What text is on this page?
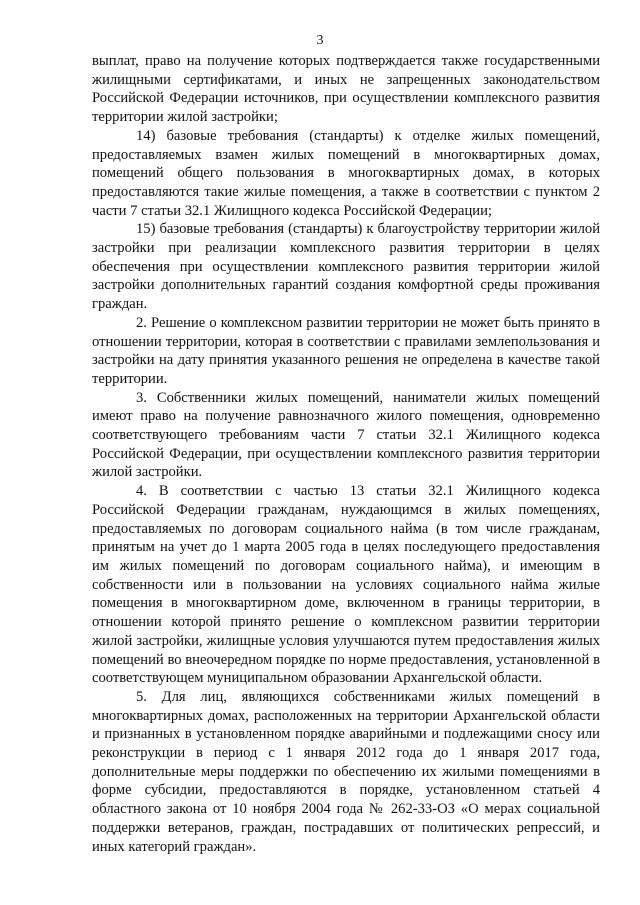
3

выплат, право на получение которых подтверждается также государственными жилищными сертификатами, и иных не запрещенных законодательством Российской Федерации источников, при осуществлении комплексного развития территории жилой застройки;

14) базовые требования (стандарты) к отделке жилых помещений, предоставляемых взамен жилых помещений в многоквартирных домах, помещений общего пользования в многоквартирных домах, в которых предоставляются такие жилые помещения, а также в соответствии с пунктом 2 части 7 статьи 32.1 Жилищного кодекса Российской Федерации;

15) базовые требования (стандарты) к благоустройству территории жилой застройки при реализации комплексного развития территории в целях обеспечения при осуществлении комплексного развития территории жилой застройки дополнительных гарантий создания комфортной среды проживания граждан.

2. Решение о комплексном развитии территории не может быть принято в отношении территории, которая в соответствии с правилами землепользования и застройки на дату принятия указанного решения не определена в качестве такой территории.

3. Собственники жилых помещений, наниматели жилых помещений имеют право на получение равнозначного жилого помещения, одновременно соответствующего требованиям части 7 статьи 32.1 Жилищного кодекса Российской Федерации, при осуществлении комплексного развития территории жилой застройки.

4. В соответствии с частью 13 статьи 32.1 Жилищного кодекса Российской Федерации гражданам, нуждающимся в жилых помещениях, предоставляемых по договорам социального найма (в том числе гражданам, принятым на учет до 1 марта 2005 года в целях последующего предоставления им жилых помещений по договорам социального найма), и имеющим в собственности или в пользовании на условиях социального найма жилые помещения в многоквартирном доме, включенном в границы территории, в отношении которой принято решение о комплексном развитии территории жилой застройки, жилищные условия улучшаются путем предоставления жилых помещений во внеочередном порядке по норме предоставления, установленной в соответствующем муниципальном образовании Архангельской области.

5. Для лиц, являющихся собственниками жилых помещений в многоквартирных домах, расположенных на территории Архангельской области и признанных в установленном порядке аварийными и подлежащими сносу или реконструкции в период с 1 января 2012 года до 1 января 2017 года, дополнительные меры поддержки по обеспечению их жилыми помещениями в форме субсидии, предоставляются в порядке, установленном статьей 4 областного закона от 10 ноября 2004 года № 262-33-ОЗ «О мерах социальной поддержки ветеранов, граждан, пострадавших от политических репрессий, и иных категорий граждан».
